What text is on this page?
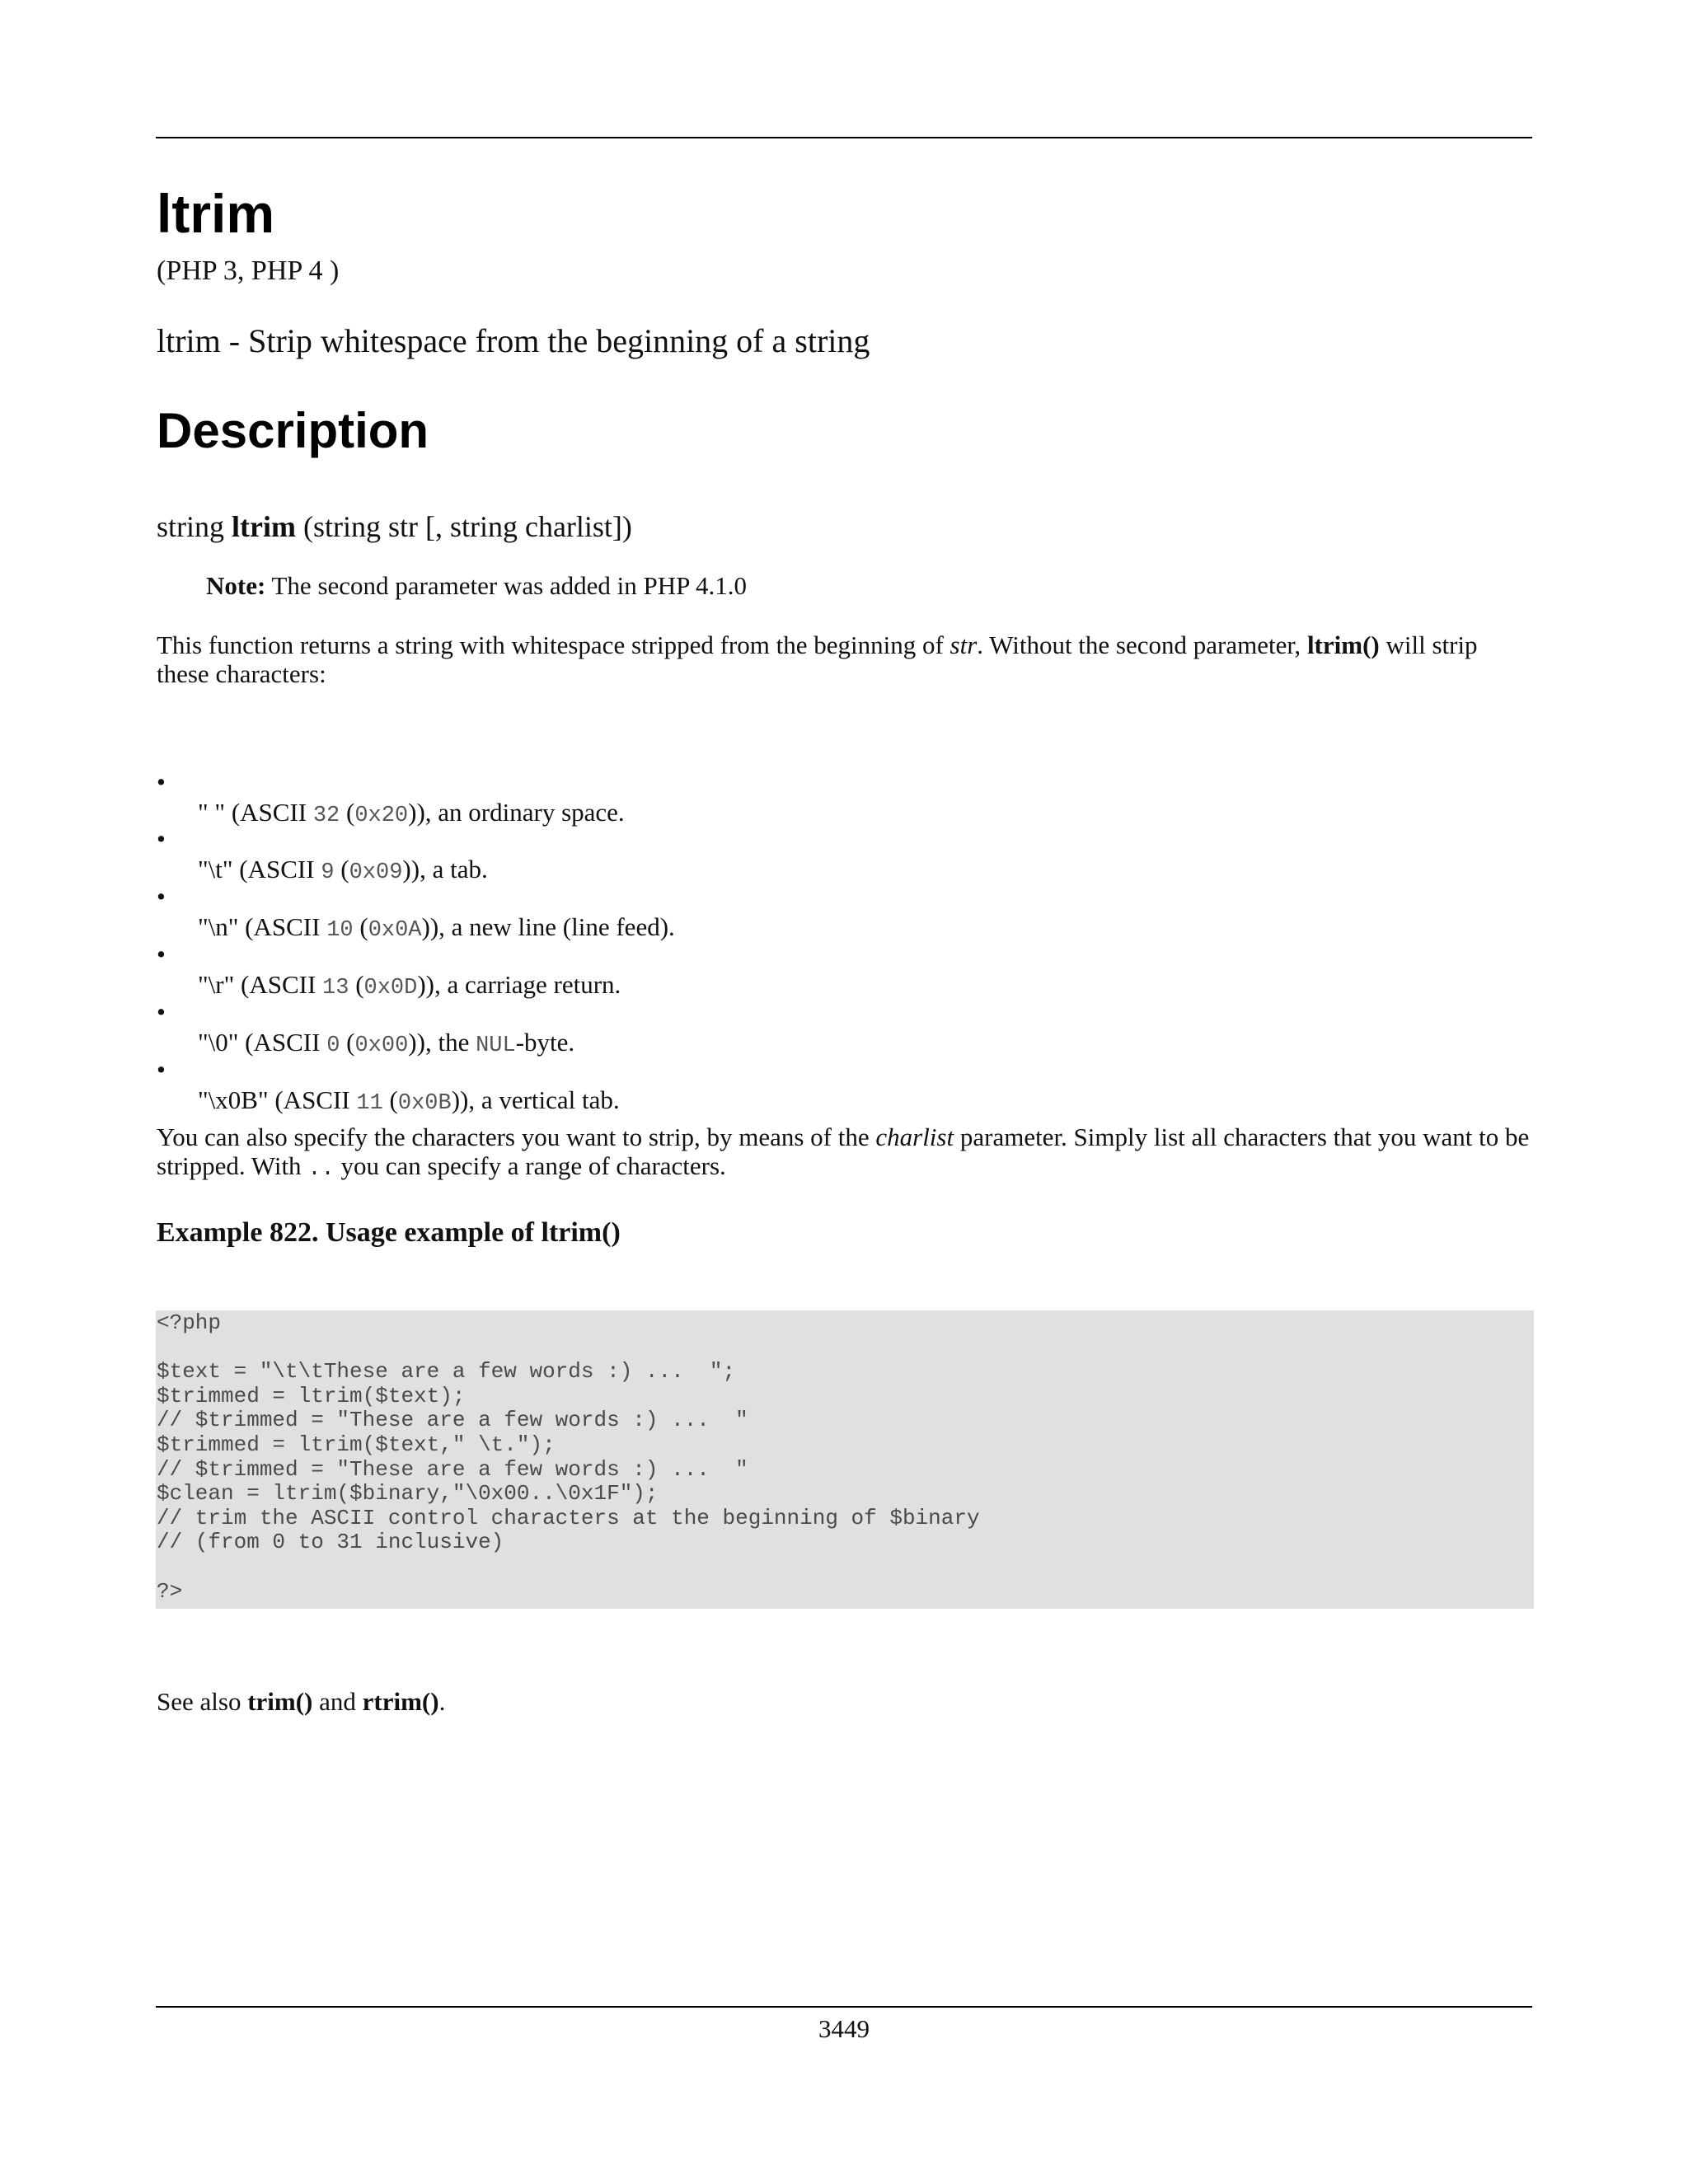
ltrim
(PHP 3, PHP 4 )
ltrim - Strip whitespace from the beginning of a string
Description
string ltrim (string str [, string charlist])
Note: The second parameter was added in PHP 4.1.0
This function returns a string with whitespace stripped from the beginning of str. Without the second parameter, ltrim() will strip these characters:

•

" " (ASCII 32 (0x20)), an ordinary space.

•

"\t" (ASCII 9 (0x09)), a tab.

•

"\n" (ASCII 10 (0x0A)), a new line (line feed).

•

"\r" (ASCII 13 (0x0D)), a carriage return.

•

"\0" (ASCII 0 (0x00)), the NUL-byte.

•

"\x0B" (ASCII 11 (0x0B)), a vertical tab.

You can also specify the characters you want to strip, by means of the charlist parameter. Simply list all characters that you want to be stripped. With .. you can specify a range of characters.
Example 822. Usage example of ltrim()
<?php

$text = "\t\tThese are a few words :) ...  ";
$trimmed = ltrim($text);
// $trimmed = "These are a few words :) ...  "
$trimmed = ltrim($text," \t.");
// $trimmed = "These are a few words :) ...  "
$clean = ltrim($binary,"\0x00..\0x1F");
// trim the ASCII control characters at the beginning of $binary
// (from 0 to 31 inclusive)

?>
See also trim() and rtrim().
3449
